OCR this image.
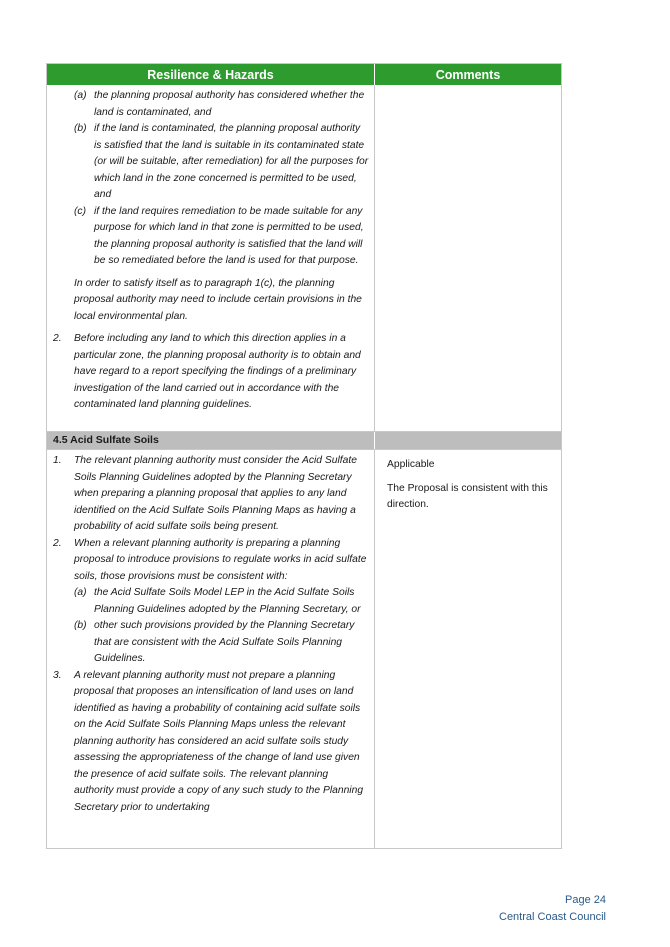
Resilience & Hazards	Comments
(a) the planning proposal authority has considered whether the land is contaminated, and
(b) if the land is contaminated, the planning proposal authority is satisfied that the land is suitable in its contaminated state (or will be suitable, after remediation) for all the purposes for which land in the zone concerned is permitted to be used, and
(c) if the land requires remediation to be made suitable for any purpose for which land in that zone is permitted to be used, the planning proposal authority is satisfied that the land will be so remediated before the land is used for that purpose.
In order to satisfy itself as to paragraph 1(c), the planning proposal authority may need to include certain provisions in the local environmental plan.
2. Before including any land to which this direction applies in a particular zone, the planning proposal authority is to obtain and have regard to a report specifying the findings of a preliminary investigation of the land carried out in accordance with the contaminated land planning guidelines.
4.5 Acid Sulfate Soils
1. The relevant planning authority must consider the Acid Sulfate Soils Planning Guidelines adopted by the Planning Secretary when preparing a planning proposal that applies to any land identified on the Acid Sulfate Soils Planning Maps as having a probability of acid sulfate soils being present.
2. When a relevant planning authority is preparing a planning proposal to introduce provisions to regulate works in acid sulfate soils, those provisions must be consistent with:
(a) the Acid Sulfate Soils Model LEP in the Acid Sulfate Soils Planning Guidelines adopted by the Planning Secretary, or
(b) other such provisions provided by the Planning Secretary that are consistent with the Acid Sulfate Soils Planning Guidelines.
3. A relevant planning authority must not prepare a planning proposal that proposes an intensification of land uses on land identified as having a probability of containing acid sulfate soils on the Acid Sulfate Soils Planning Maps unless the relevant planning authority has considered an acid sulfate soils study assessing the appropriateness of the change of land use given the presence of acid sulfate soils. The relevant planning authority must provide a copy of any such study to the Planning Secretary prior to undertaking

Applicable

The Proposal is consistent with this direction.

Page 24
Central Coast Council
